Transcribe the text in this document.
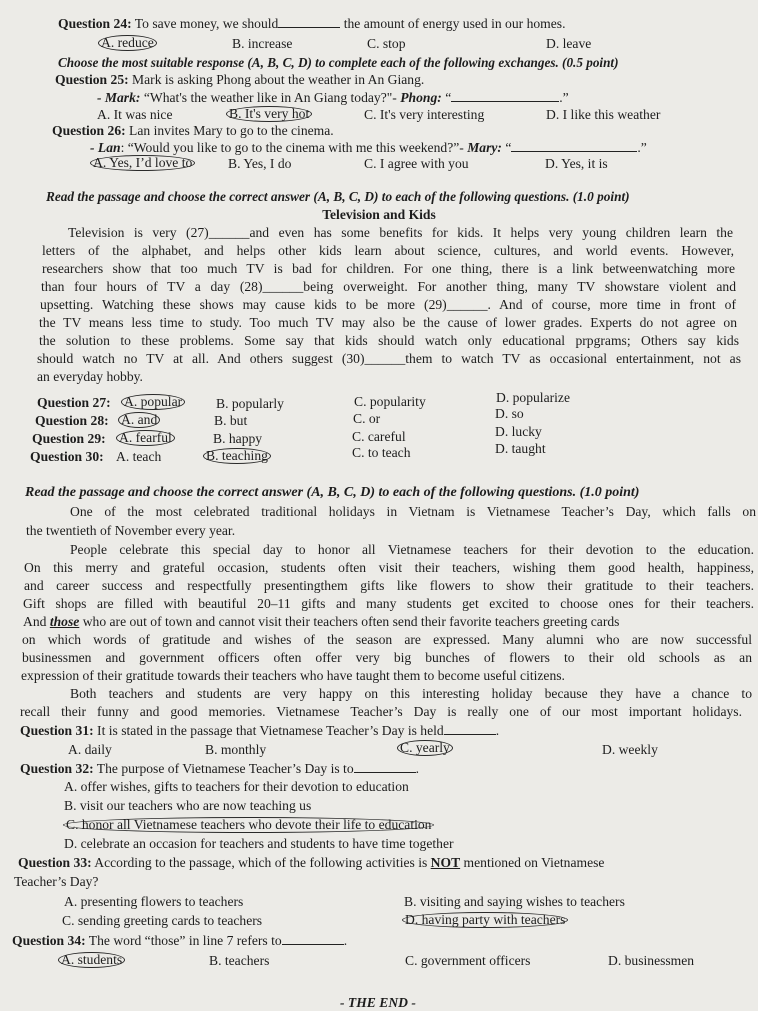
Question 24: To save money, we should	the amount of energy used in our homes.
A. reduce	B. increase	C. stop	D. leave
Choose the most suitable response (A, B, C, D) to complete each of the following exchanges. (0.5 point)
Question 25: Mark is asking Phong about the weather in An Giang.
- Mark: “What's the weather like in An Giang today?"- Phong: “	.”
A. It was nice	B. It's very hot	C. It's very interesting	D. I like this weather
Question 26: Lan invites Mary to go to the cinema.
- Lan: “Would you like to go to the cinema with me this weekend?”- Mary: “	.”
A. Yes, I’d love to	B. Yes, I do	C. I agree with you	D. Yes, it is
Read the passage and choose the correct answer (A, B, C, D) to each of the following questions. (1.0 point)
Television and Kids
Television is very (27)______and even has some benefits for kids. It helps very young children learn the
letters of the alphabet, and helps other kids learn about science, cultures, and world events. However,
researchers show that too much TV is bad for children. For one thing, there is a link betweenwatching more
than four hours of TV a day (28)______being overweight. For another thing, many TV showstare violent and
upsetting. Watching these shows may cause kids to be more (29)______. And of course, more time in front of
the TV means less time to study. Too much TV may also be the cause of lower grades. Experts do not agree on
the solution to these problems. Some say that kids should watch only educational prpgrams; Others say kids
should watch no TV at all. And others suggest (30)______them to watch TV as occasional entertainment, not as
an everyday hobby.
Question 27: A. popular B. popularly	C. popularity	D. popularize
Question 28: A. and	B. but	C. or	D. so
Question 29: A. fearful	B. happy	C. careful	D. lucky
Question 30: A. teach	B. teaching	C. to teach	D. taught
Read the passage and choose the correct answer (A, B, C, D) to each of the following questions. (1.0 point)
One of the most celebrated traditional holidays in Vietnam is Vietnamese Teacher’s Day, which falls on
the twentieth of November every year.
People celebrate this special day to honor all Vietnamese teachers for their devotion to the education.
On this merry and grateful occasion, students often visit their teachers, wishing them good health, happiness,
and career success and respectfully presentingthem gifts like flowers to show their gratitude to their teachers.
Gift shops are filled with beautiful 20–11 gifts and many students get excited to choose ones for their teachers.
And those who are out of town and cannot visit their teachers often send their favorite teachers greeting cards
on which words of gratitude and wishes of the season are expressed. Many alumni who are now successful
businessmen and government officers often offer very big bunches of flowers to their old schools as an
expression of their gratitude towards their teachers who have taught them to become useful citizens.
Both teachers and students are very happy on this interesting holiday because they have a chance to
recall their funny and good memories. Vietnamese Teacher’s Day is really one of our most important holidays.
Question 31: It is stated in the passage that Vietnamese Teacher’s Day is held	.
A. daily	B. monthly	C. yearly	D. weekly
Question 32: The purpose of Vietnamese Teacher’s Day is to	.
A. offer wishes, gifts to teachers for their devotion to education
B. visit our teachers who are now teaching us
C. honor all Vietnamese teachers who devote their life to education
D. celebrate an occasion for teachers and students to have time together
Question 33: According to the passage, which of the following activities is NOT mentioned on Vietnamese
Teacher’s Day?
A. presenting flowers to teachers	B. visiting and saying wishes to teachers
C. sending greeting cards to teachers	D. having party with teachers
Question 34: The word “those” in line 7 refers to	.
A. students	B. teachers	C. government officers	D. businessmen
- THE END -
